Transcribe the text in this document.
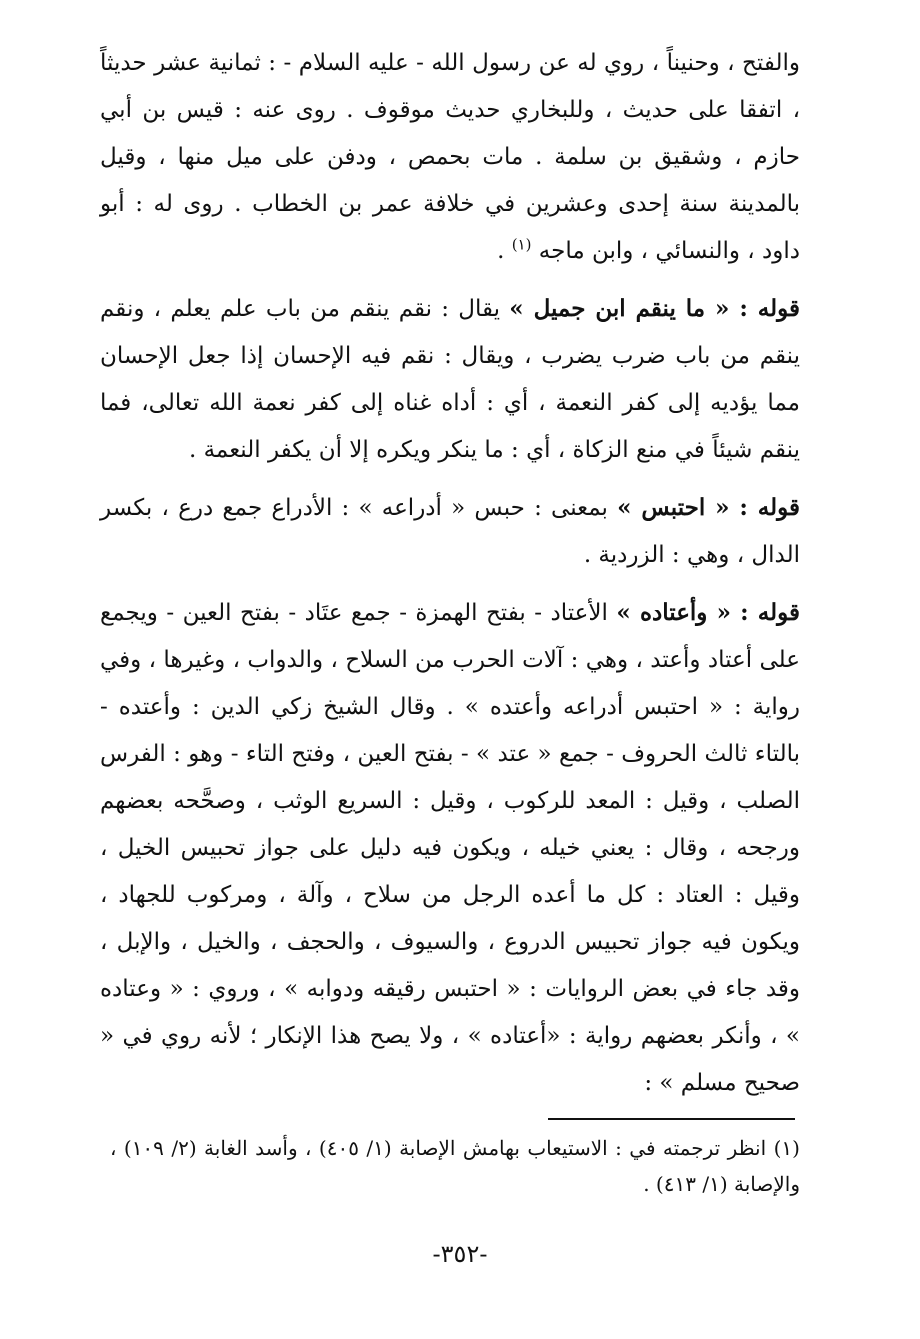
والفتح ، وحنيناً ، روي له عن رسول الله - عليه السلام - : ثمانية عشر حديثاً ، اتفقا على حديث ، وللبخاري حديث موقوف . روى عنه : قيس بن أبي حازم ، وشقيق بن سلمة . مات بحمص ، ودفن على ميل منها ، وقيل بالمدينة سنة إحدى وعشرين في خلافة عمر بن الخطاب . روى له : أبو داود ، والنسائي ، وابن ماجه $^{(١)}$ .

قوله : « ما ينقم ابن جميل » يقال : نقم ينقم من باب علم يعلم ، ونقم ينقم من باب ضرب يضرب ، ويقال : نقم فيه الإحسان إذا جعل الإحسان مما يؤديه إلى كفر النعمة ، أي : أداه غناه إلى كفر نعمة الله تعالى، فما ينقم شيئاً في منع الزكاة ، أي : ما ينكر ويكره إلا أن يكفر النعمة .

قوله : « احتبس » بمعنى : حبس « أدراعه » : الأدراع جمع درع ، بكسر الدال ، وهي : الزردية .

قوله : « وأعتاده » الأعتاد - بفتح الهمزة - جمع عتَاد - بفتح العين - ويجمع على أعتاد وأعتد ، وهي : آلات الحرب من السلاح ، والدواب ، وغيرها ، وفي رواية : « احتبس أدراعه وأعتده » . وقال الشيخ زكي الدين : وأعتده - بالتاء ثالث الحروف - جمع « عتد » - بفتح العين ، وفتح التاء - وهو : الفرس الصلب ، وقيل : المعد للركوب ، وقيل : السريع الوثب ، وصحَّحه بعضهم ورجحه ، وقال : يعني خيله ، ويكون فيه دليل على جواز تحبيس الخيل ، وقيل : العتاد : كل ما أعده الرجل من سلاح ، وآلة ، ومركوب للجهاد ، ويكون فيه جواز تحبيس الدروع ، والسيوف ، والحجف ، والخيل ، والإبل ، وقد جاء في بعض الروايات : « احتبس رقيقه ودوابه » ، وروي : « وعتاده » ، وأنكر بعضهم رواية : «أعتاده » ، ولا يصح هذا الإنكار ؛ لأنه روي في « صحيح مسلم » :

(١) انظر ترجمته في : الاستيعاب بهامش الإصابة (١/ ٤٠٥) ، وأسد الغابة (٢/ ١٠٩) ، والإصابة (١/ ٤١٣) .
-٣٥٢-
